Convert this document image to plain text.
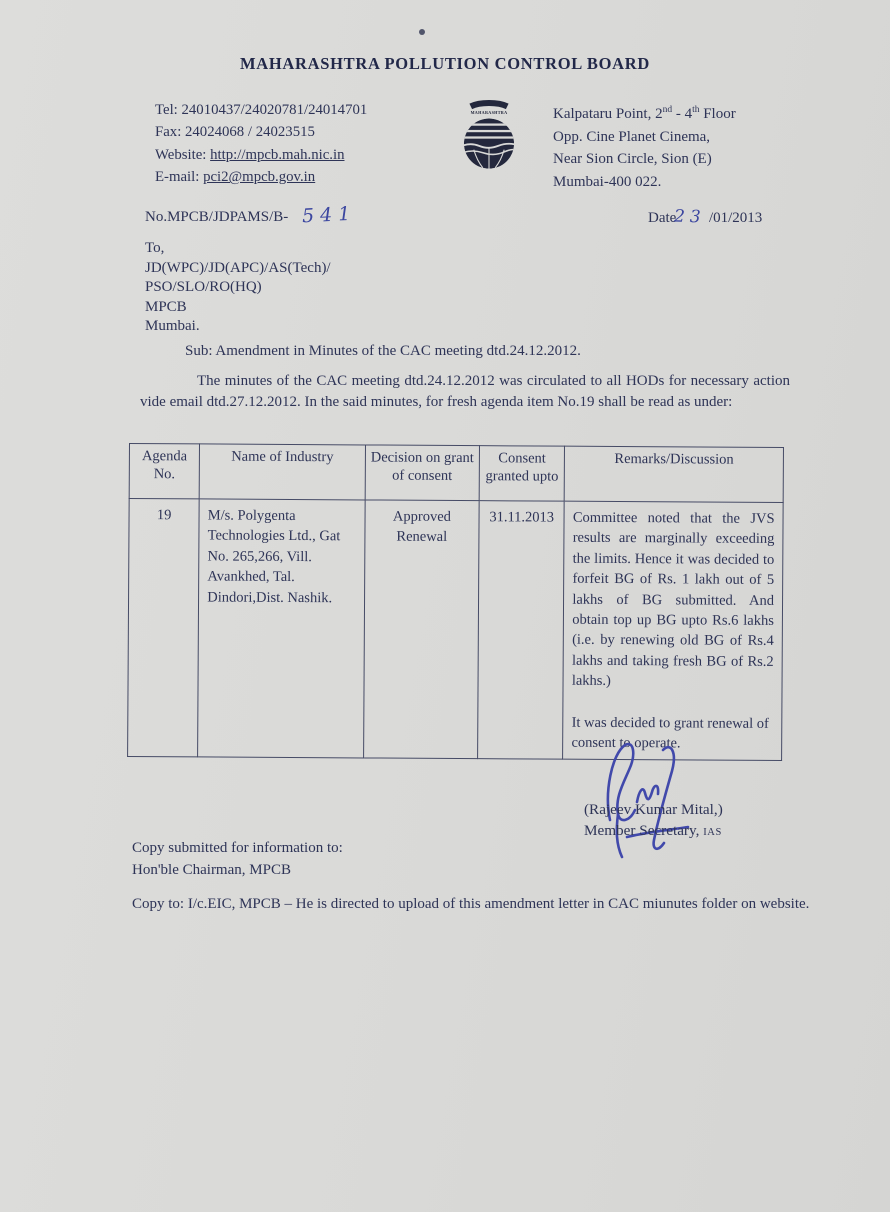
MAHARASHTRA POLLUTION CONTROL BOARD
Tel: 24010437/24020781/24014701
Fax: 24024068 / 24023515
Website: http://mpcb.mah.nic.in
E-mail: pci2@mpcb.gov.in
MAHARASHTRA	Kalpataru Point, 2nd - 4th Floor
Opp. Cine Planet Cinema,
Near Sion Circle, Sion (E)
Mumbai-400 022.
No.MPCB/JDPAMS/B- 541	Date23 /01/2013
To,
JD(WPC)/JD(APC)/AS(Tech)/
PSO/SLO/RO(HQ)
MPCB
Mumbai.
Sub: Amendment in Minutes of the CAC meeting dtd.24.12.2012.
The minutes of the CAC meeting dtd.24.12.2012 was circulated to all HODs for necessary action vide email dtd.27.12.2012. In the said minutes, for fresh agenda item No.19 shall be read as under:
Agenda No.	Name of Industry	Decision on grant of consent	Consent granted upto	Remarks/Discussion
19	M/s. Polygenta Technologies Ltd., Gat No. 265,266, Vill. Avankhed, Tal. Dindori,Dist. Nashik.	Approved Renewal	31.11.2013	Committee noted that the JVS results are marginally exceeding the limits. Hence it was decided to forfeit BG of Rs. 1 lakh out of 5 lakhs of BG submitted. And obtain top up BG upto Rs.6 lakhs (i.e. by renewing old BG of Rs.4 lakhs and taking fresh BG of Rs.2 lakhs.)

It was decided to grant renewal of consent to operate.

(Rajeev Kumar Mital,)
Member Secretary, IAS
Copy submitted for information to:
Hon'ble Chairman, MPCB
Copy to: I/c.EIC, MPCB – He is directed to upload of this amendment letter in CAC miunutes folder on website.
